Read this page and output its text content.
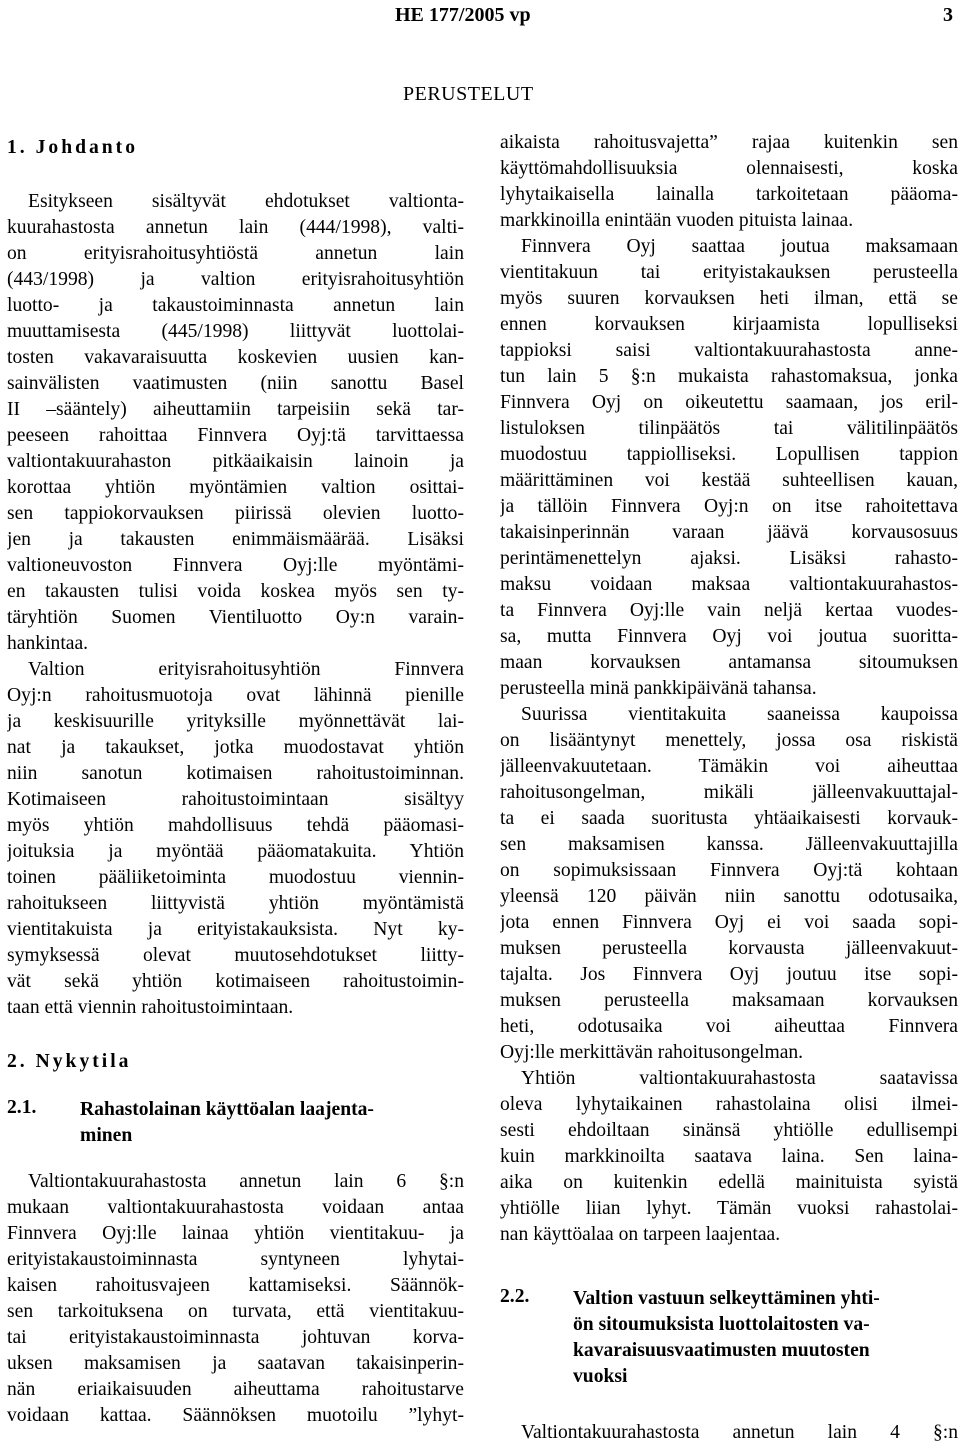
HE 177/2005 vp	3
PERUSTELUT
1. Johdanto
Esitykseen sisältyvät ehdotukset valtionta-
kuurahastosta annetun lain (444/1998), valti-
on erityisrahoitusyhtiöstä annetun lain
(443/1998) ja valtion erityisrahoitusyhtiön
luotto- ja takaustoiminnasta annetun lain
muuttamisesta (445/1998) liittyvät luottolai-
tosten vakavaraisuutta koskevien uusien kan-
sainvälisten vaatimusten (niin sanottu Basel
II –sääntely) aiheuttamiin tarpeisiin sekä tar-
peeseen rahoittaa Finnvera Oyj:tä tarvittaessa
valtiontakuurahaston pitkäaikaisin lainoin ja
korottaa yhtiön myöntämien valtion osittai-
sen tappiokorvauksen piirissä olevien luotto-
jen ja takausten enimmäismäärää. Lisäksi
valtioneuvoston Finnvera Oyj:lle myöntämi-
en takausten tulisi voida koskea myös sen ty-
täryhtiön Suomen Vientiluotto Oy:n varain-
hankintaa.
Valtion erityisrahoitusyhtiön Finnvera
Oyj:n rahoitusmuotoja ovat lähinnä pienille
ja keskisuurille yrityksille myönnettävät lai-
nat ja takaukset, jotka muodostavat yhtiön
niin sanotun kotimaisen rahoitustoiminnan.
Kotimaiseen rahoitustoimintaan sisältyy
myös yhtiön mahdollisuus tehdä pääomasi-
joituksia ja myöntää pääomatakuita. Yhtiön
toinen pääliiketoiminta muodostuu viennin-
rahoitukseen liittyvistä yhtiön myöntämistä
vientitakuista ja erityistakauksista. Nyt ky-
symyksessä olevat muutosehdotukset liitty-
vät sekä yhtiön kotimaiseen rahoitustoimin-
taan että viennin rahoitustoimintaan.
2. Nykytila
2.1.	Rahastolainan käyttöalan laajenta-
minen
Valtiontakuurahastosta annetun lain 6 §:n
mukaan valtiontakuurahastosta voidaan antaa
Finnvera Oyj:lle lainaa yhtiön vientitakuu- ja
erityistakaustoiminnasta syntyneen lyhytai-
kaisen rahoitusvajeen kattamiseksi. Säännök-
sen tarkoituksena on turvata, että vientitakuu-
tai erityistakaustoiminnasta johtuvan korva-
uksen maksamisen ja saatavan takaisinperin-
nän eriaikaisuuden aiheuttama rahoitustarve
voidaan kattaa. Säännöksen muotoilu ”lyhyt-
aikaista rahoitusvajetta” rajaa kuitenkin sen
käyttömahdollisuuksia olennaisesti, koska
lyhytaikaisella lainalla tarkoitetaan pääoma-
markkinoilla enintään vuoden pituista lainaa.
Finnvera Oyj saattaa joutua maksamaan
vientitakuun tai erityistakauksen perusteella
myös suuren korvauksen heti ilman, että se
ennen korvauksen kirjaamista lopulliseksi
tappioksi saisi valtiontakuurahastosta anne-
tun lain 5 §:n mukaista rahastomaksua, jonka
Finnvera Oyj on oikeutettu saamaan, jos eril-
listuloksen tilinpäätös tai välitilinpäätös
muodostuu tappiolliseksi. Lopullisen tappion
määrittäminen voi kestää suhteellisen kauan,
ja tällöin Finnvera Oyj:n on itse rahoitettava
takaisinperinnän varaan jäävä korvausosuus
perintämenettelyn ajaksi. Lisäksi rahasto-
maksu voidaan maksaa valtiontakuurahastos-
ta Finnvera Oyj:lle vain neljä kertaa vuodes-
sa, mutta Finnvera Oyj voi joutua suoritta-
maan korvauksen antamansa sitoumuksen
perusteella minä pankkipäivänä tahansa.
Suurissa vientitakuita saaneissa kaupoissa
on lisääntynyt menettely, jossa osa riskistä
jälleenvakuutetaan. Tämäkin voi aiheuttaa
rahoitusongelman, mikäli jälleenvakuuttajal-
ta ei saada suoritusta yhtäaikaisesti korvauk-
sen maksamisen kanssa. Jälleenvakuuttajilla
on sopimuksissaan Finnvera Oyj:tä kohtaan
yleensä 120 päivän niin sanottu odotusaika,
jota ennen Finnvera Oyj ei voi saada sopi-
muksen perusteella korvausta jälleenvakuut-
tajalta. Jos Finnvera Oyj joutuu itse sopi-
muksen perusteella maksamaan korvauksen
heti, odotusaika voi aiheuttaa Finnvera
Oyj:lle merkittävän rahoitusongelman.
Yhtiön valtiontakuurahastosta saatavissa
oleva lyhytaikainen rahastolaina olisi ilmei-
sesti ehdoiltaan sinänsä yhtiölle edullisempi
kuin markkinoilta saatava laina. Sen laina-
aika on kuitenkin edellä mainituista syistä
yhtiölle liian lyhyt. Tämän vuoksi rahastolai-
nan käyttöalaa on tarpeen laajentaa.
2.2.	Valtion vastuun selkeyttäminen yhti-
ön sitoumuksista luottolaitosten va-
kavaraisuusvaatimusten muutosten
vuoksi
Valtiontakuurahastosta annetun lain 4 §:n
